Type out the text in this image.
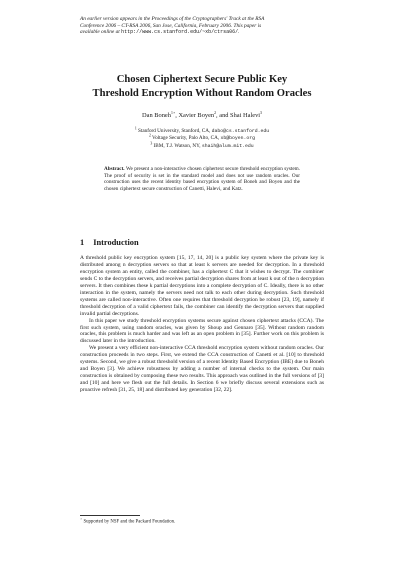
An earlier version appears in the Proceedings of the Cryptographers' Track at the RSA
Conference 2006 – CT-RSA 2006, San Jose, California, February 2006. This paper is
available online at http://www.cs.stanford.edu/~xb/ctrsa06/.
Chosen Ciphertext Secure Public Key
Threshold Encryption Without Random Oracles
Dan Boneh$^{1⋆}$, Xavier Boyen$^2$, and Shai Halevi$^3$
$^1$ Stanford University, Stanford, CA, dabo@cs.stanford.edu
$^2$ Voltage Security, Palo Alto, CA, xb@boyen.org
$^3$ IBM, T.J. Watson, NY, shaih@alum.mit.edu
Abstract. We present a non-interactive chosen ciphertext secure threshold encryption system. The proof of security is set in the standard model and does not use random oracles. Our construction uses the recent identity based encryption system of Boneh and Boyen and the chosen ciphertext secure construction of Canetti, Halevi, and Katz.
1 Introduction

A threshold public key encryption system [15, 17, 14, 20] is a public key system where the private key is distributed among n decryption servers so that at least k servers are needed for decryption. In a threshold encryption system an entity, called the combiner, has a ciphertext C that it wishes to decrypt. The combiner sends C to the decryption servers, and receives partial decryption shares from at least k out of the n decryption servers. It then combines these k partial decryptions into a complete decryption of C. Ideally, there is no other interaction in the system, namely the servers need not talk to each other during decryption. Such threshold systems are called non-interactive. Often one requires that threshold decryption be robust [23, 19], namely if threshold decryption of a valid ciphertext fails, the combiner can identify the decryption servers that supplied invalid partial decryptions.

In this paper we study threshold encryption systems secure against chosen ciphertext attacks (CCA). The first such system, using random oracles, was given by Shoup and Gennaro [35]. Without random random oracles, this problem is much harder and was left as an open problem in [35]. Further work on this problem is discussed later in the introduction.

We present a very efficient non-interactive CCA threshold encryption system without random oracles. Our construction proceeds in two steps. First, we extend the CCA construction of Canetti et al. [10] to threshold systems. Second, we give a robust threshold version of a recent Identity Based Encryption (IBE) due to Boneh and Boyen [3]. We achieve robustness by adding a number of internal checks to the system. Our main construction is obtained by composing these two results. This approach was outlined in the full versions of [3] and [10] and here we flesh out the full details. In Section 6 we briefly discuss several extensions such as proactive refresh [31, 25, 18] and distributed key generation [32, 22].

⋆ Supported by NSF and the Packard Foundation.
